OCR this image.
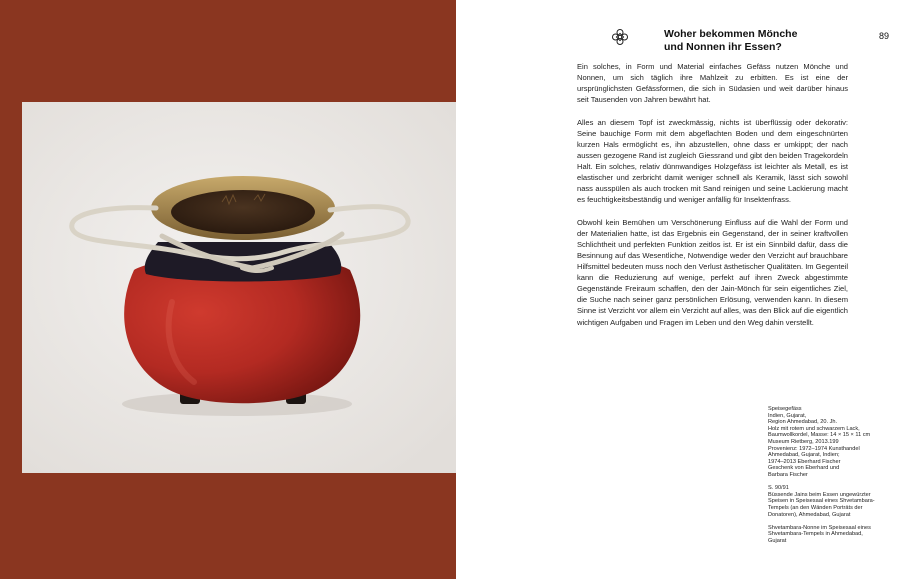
Woher bekommen Mönche
und Nonnen ihr Essen?
89

Ein solches, in Form und Material einfaches Gefäss nutzen Mönche und Nonnen, um sich täglich ihre Mahlzeit zu erbitten. Es ist eine der ursprünglichsten Gefässformen, die sich in Südasien und weit darüber hinaus seit Tausenden von Jahren bewährt hat.

Alles an diesem Topf ist zweckmässig, nichts ist überflüssig oder dekorativ: Seine bauchige Form mit dem abgeflachten Boden und dem eingeschnürten kurzen Hals ermöglicht es, ihn abzustellen, ohne dass er umkippt; der nach aussen gezogene Rand ist zugleich Giessrand und gibt den beiden Tragekordeln Halt. Ein solches, relativ dünnwandiges Holzgefäss ist leichter als Metall, es ist elastischer und zerbricht damit weniger schnell als Keramik, lässt sich sowohl nass ausspülen als auch trocken mit Sand reinigen und seine Lackierung macht es feuchtigkeitsbeständig und weniger anfällig für Insektenfrass.

Obwohl kein Bemühen um Verschönerung Einfluss auf die Wahl der Form und der Materialien hatte, ist das Ergebnis ein Gegenstand, der in seiner kraftvollen Schlichtheit und perfekten Funktion zeitlos ist. Er ist ein Sinnbild dafür, dass die Besinnung auf das Wesentliche, Notwendige weder den Verzicht auf brauchbare Hilfsmittel bedeuten muss noch den Verlust ästhetischer Qualitäten. Im Gegenteil kann die Reduzierung auf wenige, perfekt auf ihren Zweck abgestimmte Gegenstände Freiraum schaffen, den der Jain-Mönch für sein eigentliches Ziel, die Suche nach seiner ganz persönlichen Erlösung, verwenden kann. In diesem Sinne ist Verzicht vor allem ein Verzicht auf alles, was den Blick auf die eigentlich wichtigen Aufgaben und Fragen im Leben und den Weg dahin verstellt.

Speisegefäss
Indien, Gujarat,
Region Ahmedabad, 20. Jh.
Holz mit rotem und schwarzem Lack,
Baumwollkordel, Masse: 14 × 15 × 11 cm
Museum Rietberg, 2013.199
Provenienz: 1972–1974 Kunsthandel
Ahmedabad, Gujarat, Indien;
1974–2013 Eberhard Fischer
Geschenk von Eberhard und
Barbara Fischer
S. 90/91
Büssende Jains beim Essen ungewürzter
Speisen in Speisesaal eines Shvetambara-
Tempels (an den Wänden Porträts der
Donatoren), Ahmedabad, Gujarat
Shvetambara-Nonne im Speisesaal eines
Shvetambara-Tempels in Ahmedabad,
Gujarat
